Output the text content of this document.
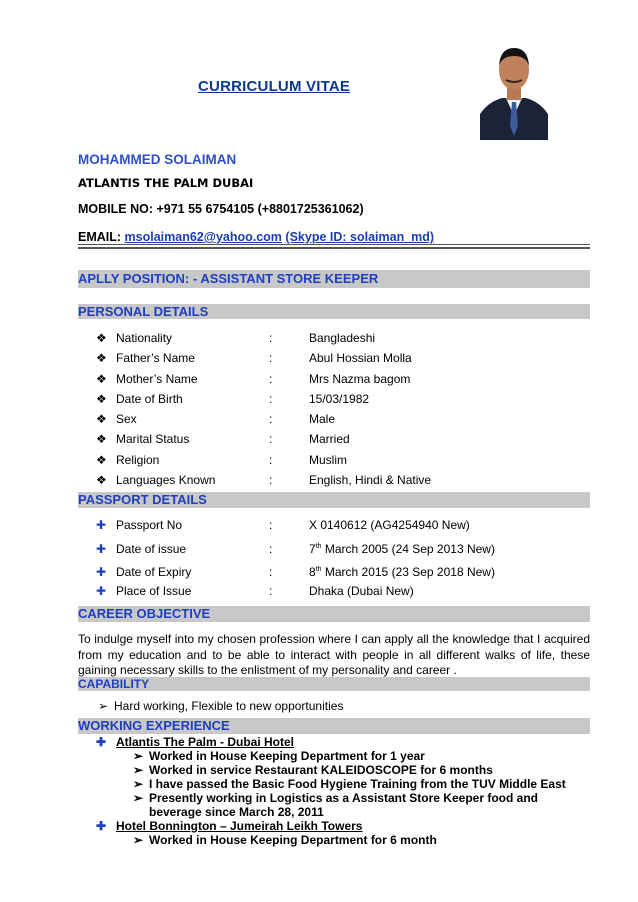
CURRICULUM VITAE
MOHAMMED SOLAIMAN
ATLANTIS THE PALM DUBAI
MOBILE NO: +971 55 6754105 (+8801725361062)
EMAIL: msolaiman62@yahoo.com (Skype ID: solaiman_md)
APLLY POSITION: - ASSISTANT STORE KEEPER
PERSONAL DETAILS
❖ Nationality	:	Bangladeshi
❖ Father’s Name	:	Abul Hossian Molla
❖ Mother’s Name	:	Mrs Nazma bagom
❖ Date of Birth	:	15/03/1982
❖ Sex	:	Male
❖ Marital Status	:	Married
❖ Religion	:	Muslim
❖ Languages Known	:	English, Hindi & Native
PASSPORT DETAILS
✚ Passport No	:	X 0140612 (AG4254940 New)
✚ Date of issue	:	7th March 2005 (24 Sep 2013 New)
✚ Date of Expiry	:	8th March 2015 (23 Sep 2018 New)
✚ Place of Issue	:	Dhaka (Dubai New)
CAREER OBJECTIVE
To indulge myself into my chosen profession where I can apply all the knowledge that I acquired from my education and to be able to interact with people in all different walks of life, these gaining necessary skills to the enlistment of my personality and career .
CAPABILITY
➢ Hard working, Flexible to new opportunities
WORKING EXPERIENCE
✚ Atlantis The Palm - Dubai Hotel
➢ Worked in House Keeping Department for 1 year
➢ Worked in service Restaurant KALEIDOSCOPE for 6 months
➢ I have passed the Basic Food Hygiene Training from the TUV Middle East
➢ Presently working in Logistics as a Assistant Store Keeper food and
beverage since March 28, 2011
✚ Hotel Bonnington – Jumeirah Leikh Towers
➢ Worked in House Keeping Department for 6 month
